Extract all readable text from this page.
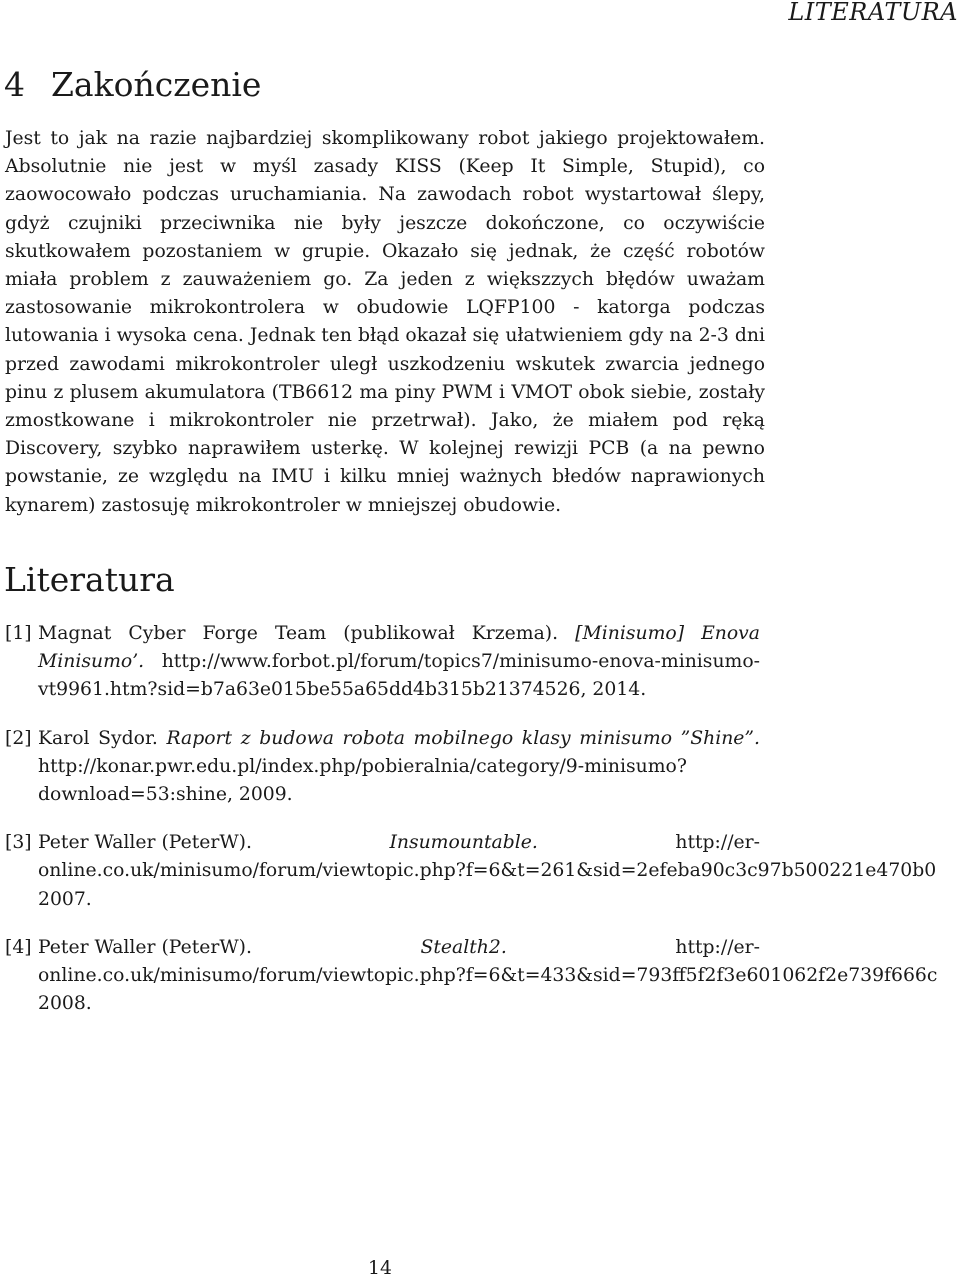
LITERATURA
4 Zakończenie

Jest to jak na razie najbardziej skomplikowany robot jakiego projektowałem. Absolutnie nie jest w myśl zasady KISS (Keep It Simple, Stupid), co zaowocowało podczas uruchamiania. Na zawodach robot wystartował ślepy, gdyż czujniki przeciwnika nie były jeszcze dokończone, co oczywiście skutkowałem pozostaniem w grupie. Okazało się jednak, że część robotów miała problem z zauważeniem go. Za jeden z większzych błędów uważam zastosowanie mikrokontrolera w obudowie LQFP100 - katorga podczas lutowania i wysoka cena. Jednak ten błąd okazał się ułatwieniem gdy na 2-3 dni przed zawodami mikrokontroler uległ uszkodzeniu wskutek zwarcia jednego pinu z plusem akumulatora (TB6612 ma piny PWM i VMOT obok siebie, zostały zmostkowane i mikrokontroler nie przetrwał). Jako, że miałem pod ręką Discovery, szybko naprawiłem usterkę. W kolejnej rewizji PCB (a na pewno powstanie, ze względu na IMU i kilku mniej ważnych błedów naprawionych kynarem) zastosuję mikrokontroler w mniejszej obudowie.

Literatura
[1] Magnat Cyber Forge Team (publikował Krzema). [Minisumo] Enova Minisumo’. http://www.forbot.pl/forum/topics7/minisumo-enova-minisumo-vt9961.htm?sid=b7a63e015be55a65dd4b315b21374526, 2014.
[2] Karol Sydor. Raport z budowa robota mobilnego klasy minisumo ”Shine”. http://konar.pwr.edu.pl/index.php/pobieralnia/category/9-minisumo?download=53:shine, 2009.
[3] Peter Waller (PeterW).	Insumountable.	http://er-
online.co.uk/minisumo/forum/viewtopic.php?f=6&t=261&sid=2efeba90c3c97b500221e470b0
2007.
[4] Peter Waller (PeterW).	Stealth2.	http://er-
online.co.uk/minisumo/forum/viewtopic.php?f=6&t=433&sid=793ff5f2f3e601062f2e739f666c
2008.
14
